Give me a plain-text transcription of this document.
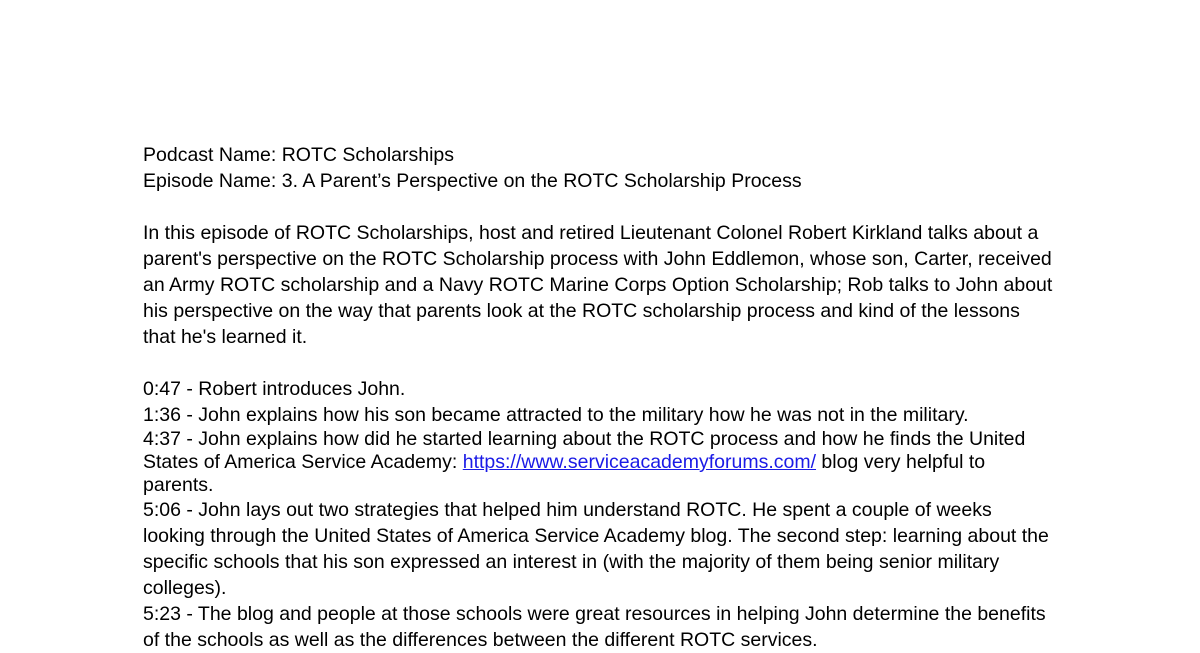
Podcast Name: ROTC Scholarships
Episode Name: 3. A Parent’s Perspective on the ROTC Scholarship Process
In this episode of ROTC Scholarships, host and retired Lieutenant Colonel Robert Kirkland talks about a
parent's perspective on the ROTC Scholarship process with John Eddlemon, whose son, Carter, received
an Army ROTC scholarship and a Navy ROTC Marine Corps Option Scholarship; Rob talks to John about
his perspective on the way that parents look at the ROTC scholarship process and kind of the lessons
that he's learned it.
0:47 - Robert introduces John.
1:36 - John explains how his son became attracted to the military how he was not in the military.
4:37 - John explains how did he started learning about the ROTC process and how he finds the United
States of America Service Academy: https://www.serviceacademyforums.com/ blog very helpful to
parents.
5:06 - John lays out two strategies that helped him understand ROTC. He spent a couple of weeks
looking through the United States of America Service Academy blog. The second step: learning about the
specific schools that his son expressed an interest in (with the majority of them being senior military
colleges).
5:23 - The blog and people at those schools were great resources in helping John determine the benefits
of the schools as well as the differences between the different ROTC services.
